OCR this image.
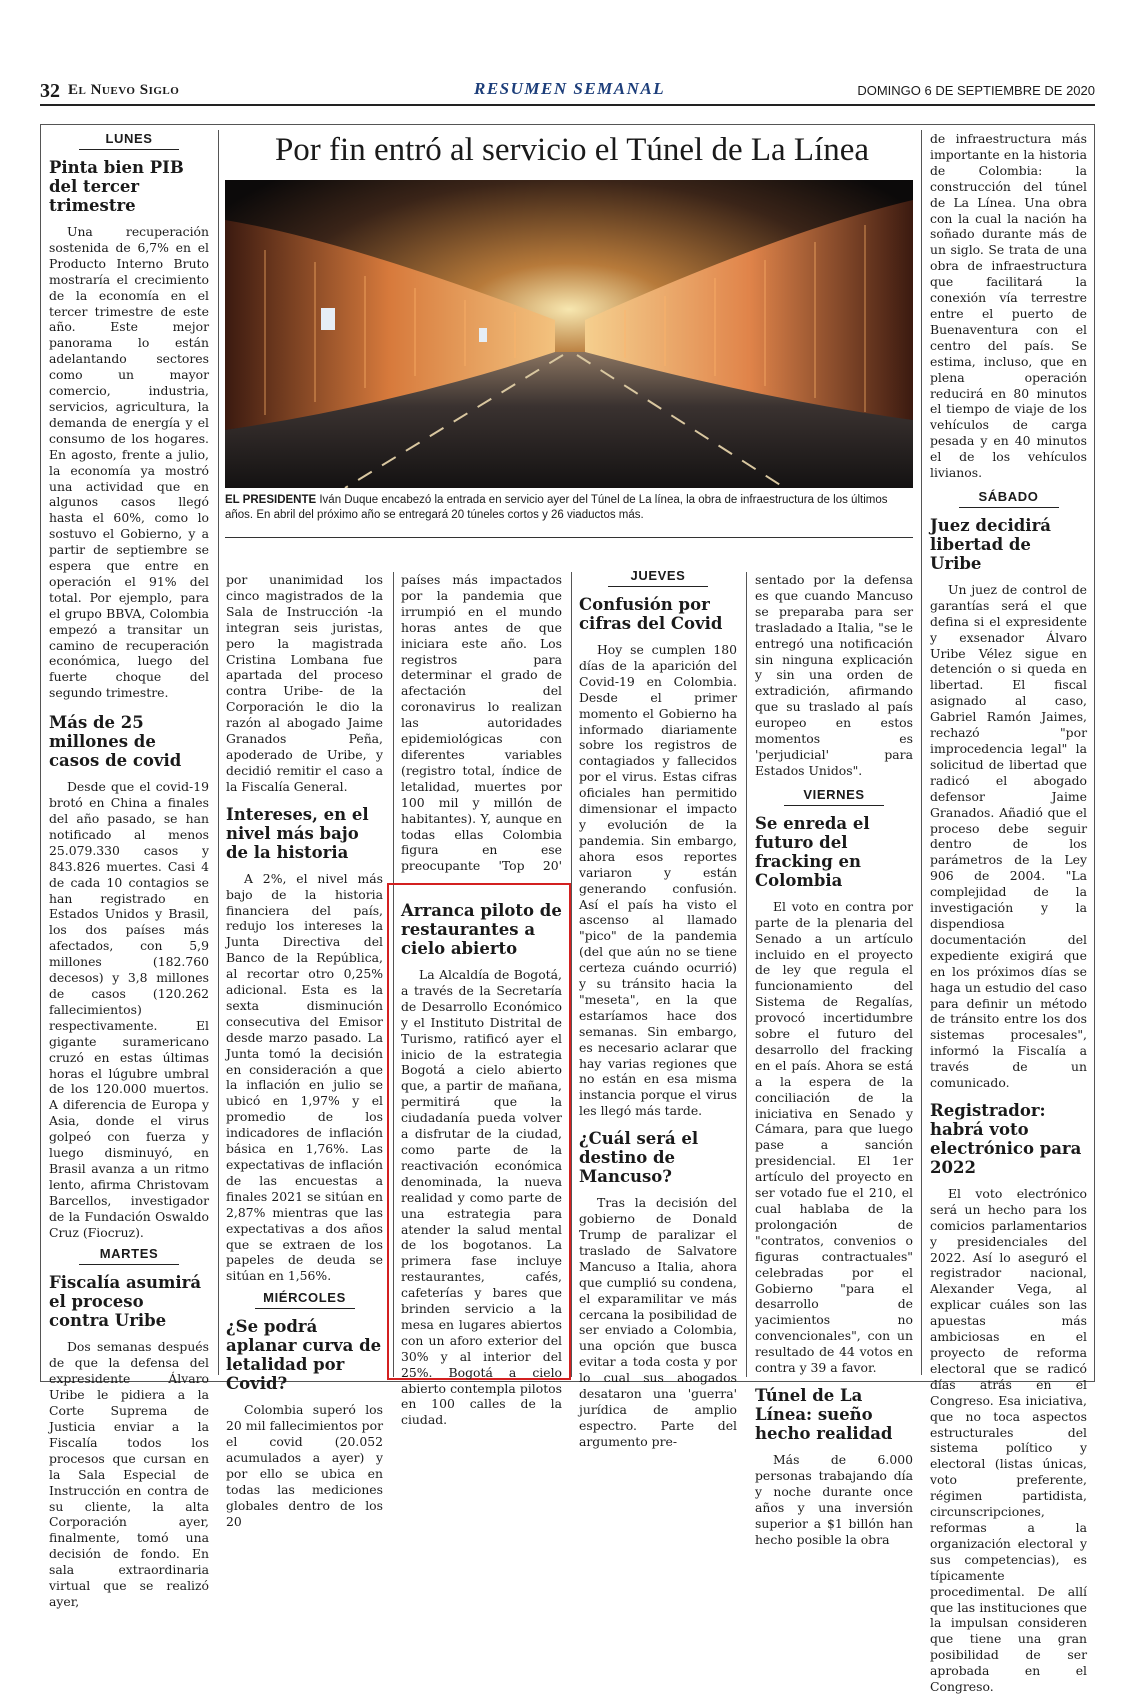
32 El Nuevo Siglo	RESUMEN SEMANAL	DOMINGO 6 DE SEPTIEMBRE DE 2020
LUNES
Pinta bien PIB del tercer trimestre

Una recuperación sostenida de 6,7% en el Producto Interno Bruto mostraría el crecimiento de la economía en el tercer trimestre de este año. Este mejor panorama lo están adelantando sectores como un mayor comercio, industria, servicios, agricultura, la demanda de energía y el consumo de los hogares. En agosto, frente a julio, la economía ya mostró una actividad que en algunos casos llegó hasta el 60%, como lo sostuvo el Gobierno, y a partir de septiembre se espera que entre en operación el 91% del total. Por ejemplo, para el grupo BBVA, Colombia empezó a transitar un camino de recuperación económica, luego del fuerte choque del segundo trimestre.

Más de 25 millones de casos de covid

Desde que el covid-19 brotó en China a finales del año pasado, se han notificado al menos 25.079.330 casos y 843.826 muertes. Casi 4 de cada 10 contagios se han registrado en Estados Unidos y Brasil, los dos países más afectados, con 5,9 millones (182.760 decesos) y 3,8 millones de casos (120.262 fallecimientos) respectivamente. El gigante suramericano cruzó en estas últimas horas el lúgubre umbral de los 120.000 muertos. A diferencia de Europa y Asia, donde el virus golpeó con fuerza y luego disminuyó, en Brasil avanza a un ritmo lento, afirma Christovam Barcellos, investigador de la Fundación Oswaldo Cruz (Fiocruz).

MARTES
Fiscalía asumirá el proceso contra Uribe

Dos semanas después de que la defensa del expresidente Álvaro Uribe le pidiera a la Corte Suprema de Justicia enviar a la Fiscalía todos los procesos que cursan en la Sala Especial de Instrucción en contra de su cliente, la alta Corporación ayer, finalmente, tomó una decisión de fondo. En sala extraordinaria virtual que se realizó ayer,

Por fin entró al servicio el Túnel de La Línea
EL PRESIDENTE Iván Duque encabezó la entrada en servicio ayer del Túnel de La línea, la obra de infraestructura de los últimos años. En abril del próximo año se entregará 20 túneles cortos y 26 viaductos más.

por unanimidad los cinco magistrados de la Sala de Instrucción -la integran seis juristas, pero la magistrada Cristina Lombana fue apartada del proceso contra Uribe- de la Corporación le dio la razón al abogado Jaime Granados Peña, apoderado de Uribe, y decidió remitir el caso a la Fiscalía General.

Intereses, en el nivel más bajo de la historia

A 2%, el nivel más bajo de la historia financiera del país, redujo los intereses la Junta Directiva del Banco de la República, al recortar otro 0,25% adicional. Esta es la sexta disminución consecutiva del Emisor desde marzo pasado. La Junta tomó la decisión en consideración a que la inflación en julio se ubicó en 1,97% y el promedio de los indicadores de inflación básica en 1,76%. Las expectativas de inflación de las encuestas a finales 2021 se sitúan en 2,87% mientras que las expectativas a dos años que se extraen de los papeles de deuda se sitúan en 1,56%.

MIÉRCOLES
¿Se podrá aplanar curva de letalidad por Covid?

Colombia superó los 20 mil fallecimientos por el covid (20.052 acumulados a ayer) y por ello se ubica en todas las mediciones globales dentro de los 20

países más impactados por la pandemia que irrumpió en el mundo horas antes de que iniciara este año. Los registros para determinar el grado de afectación del coronavirus lo realizan las autoridades epidemiológicas con diferentes variables (registro total, índice de letalidad, muertes por 100 mil y millón de habitantes). Y, aunque en todas ellas Colombia figura en ese preocupante 'Top 20'

Arranca piloto de restaurantes a cielo abierto

La Alcaldía de Bogotá, a través de la Secretaría de Desarrollo Económico y el Instituto Distrital de Turismo, ratificó ayer el inicio de la estrategia Bogotá a cielo abierto que, a partir de mañana, permitirá que la ciudadanía pueda volver a disfrutar de la ciudad, como parte de la reactivación económica denominada, la nueva realidad y como parte de una estrategia para atender la salud mental de los bogotanos. La primera fase incluye restaurantes, cafés, cafeterías y bares que brinden servicio a la mesa en lugares abiertos con un aforo exterior del 30% y al interior del 25%. Bogotá a cielo abierto contempla pilotos en 100 calles de la ciudad.

JUEVES
Confusión por cifras del Covid

Hoy se cumplen 180 días de la aparición del Covid-19 en Colombia. Desde el primer momento el Gobierno ha informado diariamente sobre los registros de contagiados y fallecidos por el virus. Estas cifras oficiales han permitido dimensionar el impacto y evolución de la pandemia. Sin embargo, ahora esos reportes variaron y están generando confusión. Así el país ha visto el ascenso al llamado "pico" de la pandemia (del que aún no se tiene certeza cuándo ocurrió) y su tránsito hacia la "meseta", en la que estaríamos hace dos semanas. Sin embargo, es necesario aclarar que hay varias regiones que no están en esa misma instancia porque el virus les llegó más tarde.

¿Cuál será el destino de Mancuso?

Tras la decisión del gobierno de Donald Trump de paralizar el traslado de Salvatore Mancuso a Italia, ahora que cumplió su condena, el exparamilitar ve más cercana la posibilidad de ser enviado a Colombia, una opción que busca evitar a toda costa y por lo cual sus abogados desataron una 'guerra' jurídica de amplio espectro. Parte del argumento pre-

sentado por la defensa es que cuando Mancuso se preparaba para ser trasladado a Italia, "se le entregó una notificación sin ninguna explicación y sin una orden de extradición, afirmando que su traslado al país europeo en estos momentos es 'perjudicial' para Estados Unidos".

VIERNES
Se enreda el futuro del fracking en Colombia

El voto en contra por parte de la plenaria del Senado a un artículo incluido en el proyecto de ley que regula el funcionamiento del Sistema de Regalías, provocó incertidumbre sobre el futuro del desarrollo del fracking en el país. Ahora se está a la espera de la conciliación de la iniciativa en Senado y Cámara, para que luego pase a sanción presidencial. El 1er artículo del proyecto en ser votado fue el 210, el cual hablaba de la prolongación de "contratos, convenios o figuras contractuales" celebradas por el Gobierno "para el desarrollo de yacimientos no convencionales", con un resultado de 44 votos en contra y 39 a favor.

Túnel de La Línea: sueño hecho realidad

Más de 6.000 personas trabajando día y noche durante once años y una inversión superior a $1 billón han hecho posible la obra

de infraestructura más importante en la historia de Colombia: la construcción del túnel de La Línea. Una obra con la cual la nación ha soñado durante más de un siglo. Se trata de una obra de infraestructura que facilitará la conexión vía terrestre entre el puerto de Buenaventura con el centro del país. Se estima, incluso, que en plena operación reducirá en 80 minutos el tiempo de viaje de los vehículos de carga pesada y en 40 minutos el de los vehículos livianos.

SÁBADO
Juez decidirá libertad de Uribe

Un juez de control de garantías será el que defina si el expresidente y exsenador Álvaro Uribe Vélez sigue en detención o si queda en libertad. El fiscal asignado al caso, Gabriel Ramón Jaimes, rechazó "por improcedencia legal" la solicitud de libertad que radicó el abogado defensor Jaime Granados. Añadió que el proceso debe seguir dentro de los parámetros de la Ley 906 de 2004. "La complejidad de la investigación y la dispendiosa documentación del expediente exigirá que en los próximos días se haga un estudio del caso para definir un método de tránsito entre los dos sistemas procesales", informó la Fiscalía a través de un comunicado.

Registrador: habrá voto electrónico para 2022

El voto electrónico será un hecho para los comicios parlamentarios y presidenciales del 2022. Así lo aseguró el registrador nacional, Alexander Vega, al explicar cuáles son las apuestas más ambiciosas en el proyecto de reforma electoral que se radicó días atrás en el Congreso. Esa iniciativa, que no toca aspectos estructurales del sistema político y electoral (listas únicas, voto preferente, régimen partidista, circunscripciones, reformas a la organización electoral y sus competencias), es típicamente procedimental. De allí que las instituciones que la impulsan consideren que tiene una gran posibilidad de ser aprobada en el Congreso.
